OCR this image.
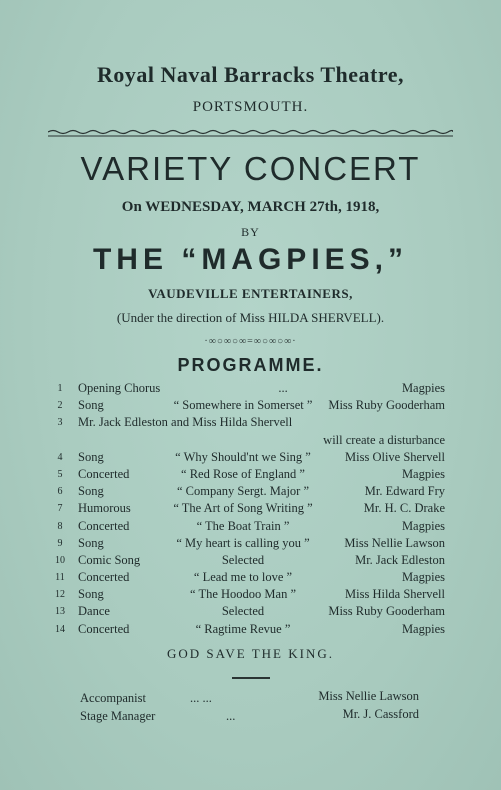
Royal Naval Barracks Theatre,
PORTSMOUTH.
VARIETY CONCERT
On WEDNESDAY, MARCH 27th, 1918,
BY
THE “MAGPIES,”
VAUDEVILLE ENTERTAINERS,
(Under the direction of Miss HILDA SHERVELL).
·∞○∞○∞=∞○∞○∞·
PROGRAMME.
1 Opening Chorus	...	Magpies
2 Song	“ Somewhere in Somerset ”	Miss Ruby Gooderham
3 Mr. Jack Edleston and Miss Hilda Shervell
will create a disturbance
4 Song	“ Why Should'nt we Sing ”	Miss Olive Shervell
5 Concerted	“ Red Rose of England ”	Magpies
6 Song	“ Company Sergt. Major ”	Mr. Edward Fry
7 Humorous	“ The Art of Song Writing ”	Mr. H. C. Drake
8 Concerted	“ The Boat Train ”	Magpies
9 Song	“ My heart is calling you ”	Miss Nellie Lawson
10 Comic Song	Selected	Mr. Jack Edleston
11 Concerted	“ Lead me to love ”	Magpies
12 Song	“ The Hoodoo Man ”	Miss Hilda Shervell
13 Dance	Selected	Miss Ruby Gooderham
14 Concerted	“ Ragtime Revue ”	Magpies
GOD SAVE THE KING.
Accompanist	... ...	Miss Nellie Lawson
Stage Manager	...	Mr. J. Cassford
